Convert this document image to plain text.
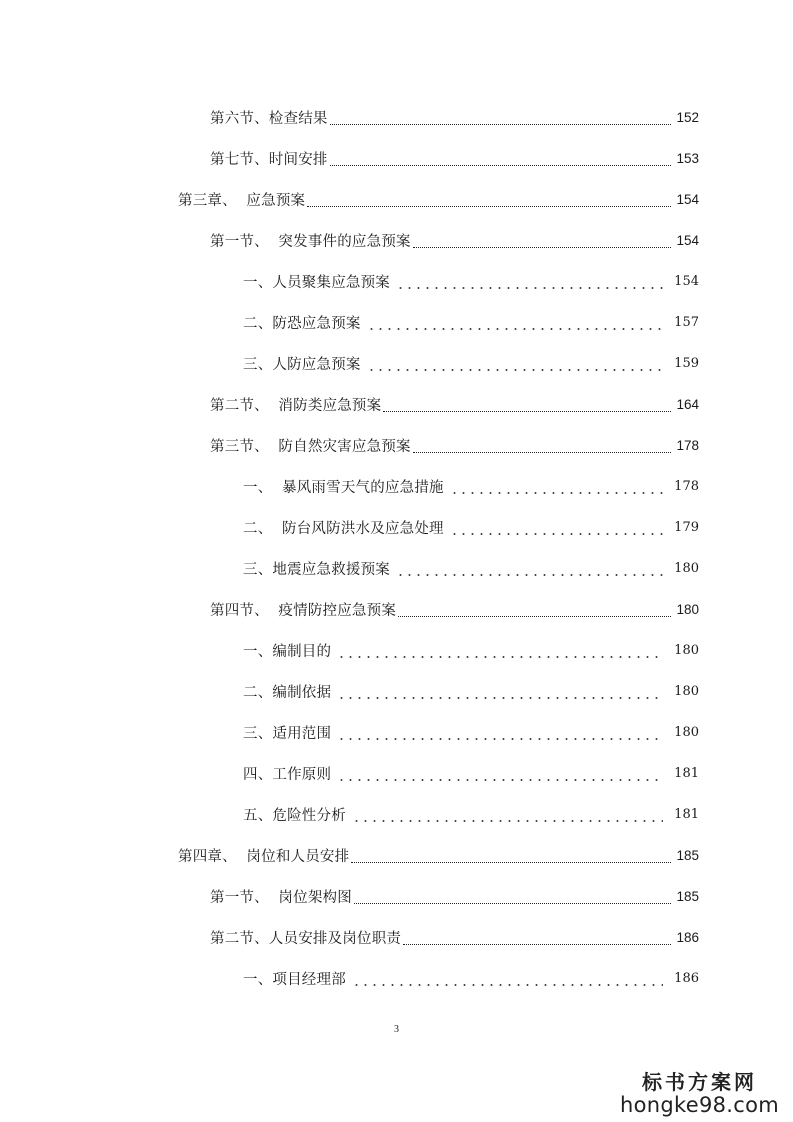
第六节、检查结果	152
第七节、时间安排	153
第三章、  应急预案	154
第一节、  突发事件的应急预案	154
一、人员聚集应急预案	154
二、防恐应急预案	157
三、人防应急预案	159
第二节、  消防类应急预案	164
第三节、  防自然灾害应急预案	178
一、  暴风雨雪天气的应急措施	178
二、  防台风防洪水及应急处理	179
三、地震应急救援预案	180
第四节、  疫情防控应急预案	180
一、编制目的	180
二、编制依据	180
三、适用范围	180
四、工作原则	181
五、危险性分析	181
第四章、  岗位和人员安排	185
第一节、  岗位架构图	185
第二节、人员安排及岗位职责	186
一、项目经理部	186
3
标书方案网
hongke98.com
